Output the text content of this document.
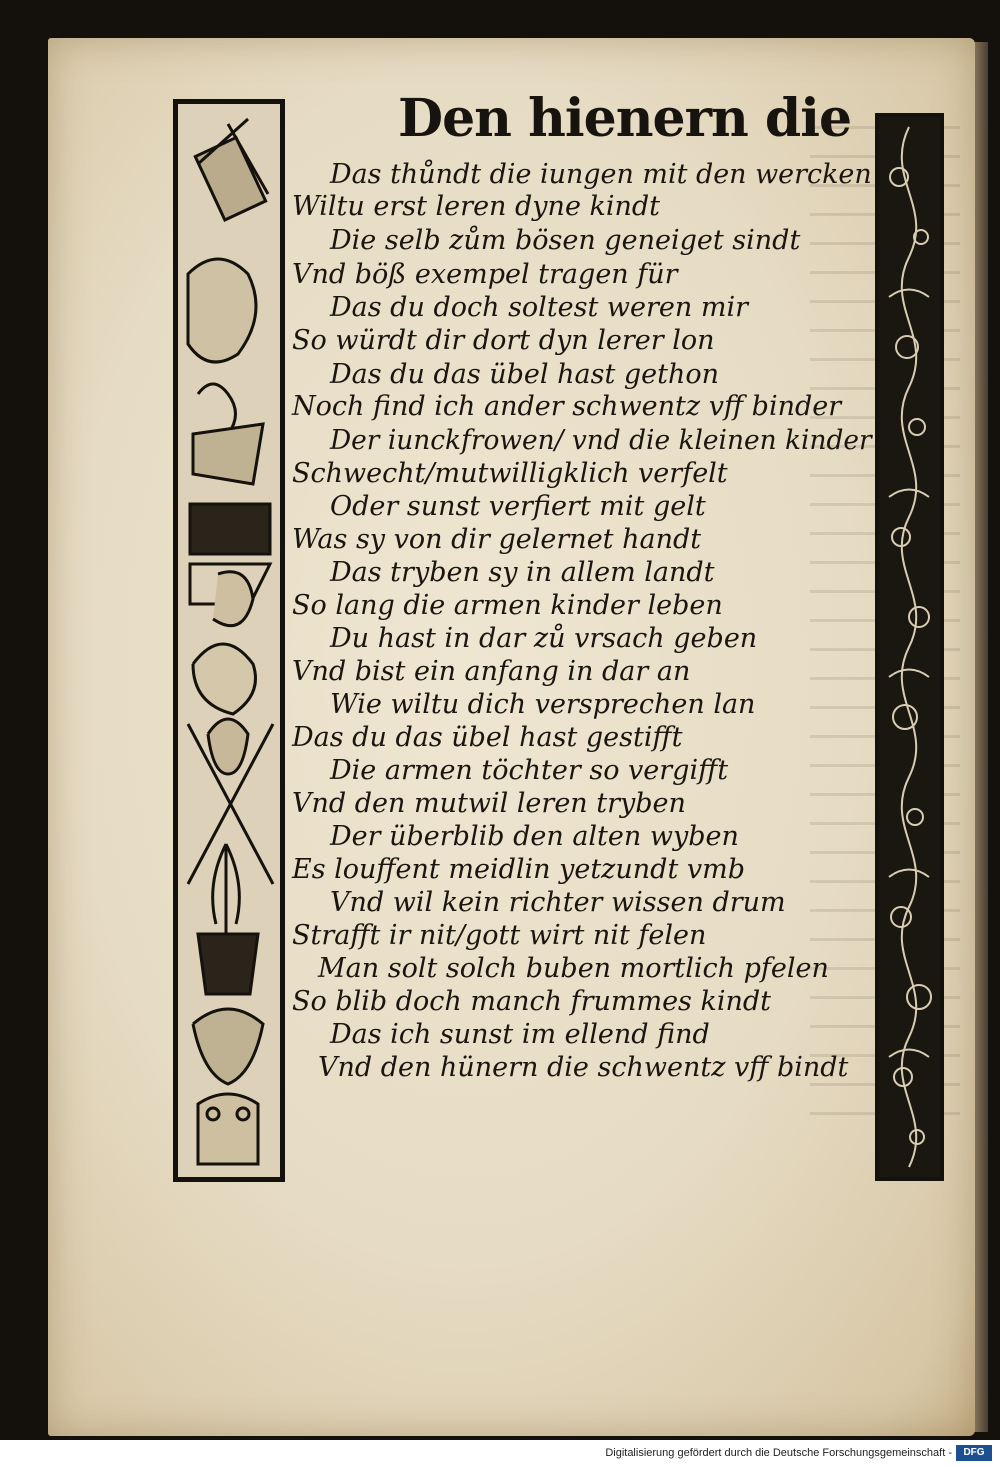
Den hienern die
Das thůndt die iungen mit den wercken
Wiltu erst leren dyne kindt
Die selb zům bösen geneiget sindt
Vnd böß exempel tragen für
Das du doch soltest weren mir
So würdt dir dort dyn lerer lon
Das du das übel hast gethon
Noch find ich ander schwentz vff binder
Der iunckfrowen/ vnd die kleinen kinder
Schwecht/mutwilligklich verfelt
Oder sunst verfiert mit gelt
Was sy von dir gelernet handt
Das tryben sy in allem landt
So lang die armen kinder leben
Du hast in dar zů vrsach geben
Vnd bist ein anfang in dar an
Wie wiltu dich versprechen lan
Das du das übel hast gestifft
Die armen töchter so vergifft
Vnd den mutwil leren tryben
Der überblib den alten wyben
Es louffent meidlin yetzundt vmb
Vnd wil kein richter wissen drum
Strafft ir nit/gott wirt nit felen
Man solt solch buben mortlich pfelen
So blib doch manch frummes kindt
Das ich sunst im ellend find
Vnd den hünern die schwentz vff bindt
Digitalisierung gefördert durch die Deutsche Forschungsgemeinschaft -	DFG
